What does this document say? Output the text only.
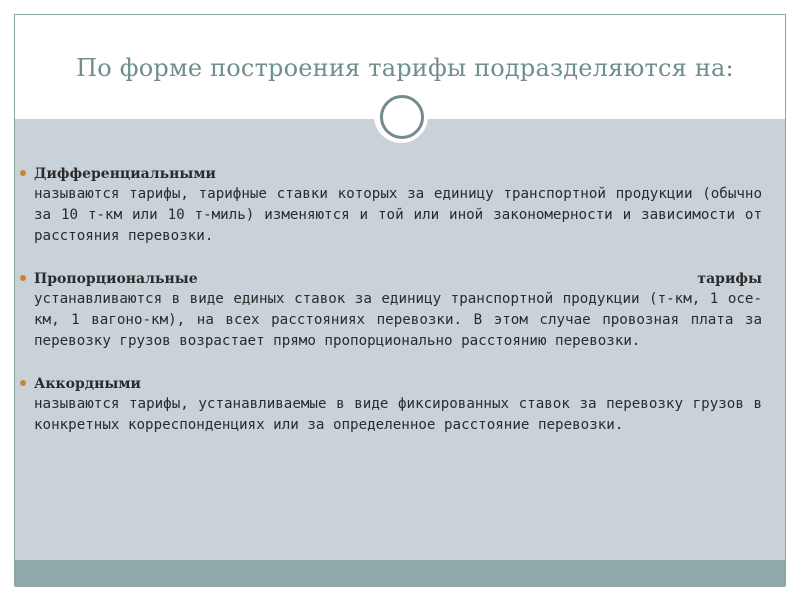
По форме построения тарифы подразделяются на:
Дифференциальными

называются тарифы, тарифные ставки которых за единицу транспортной продукции (обычно за 10 т-км или 10 т-миль) изменяются и той или иной закономерности и зависимости от расстояния перевозки.

Пропорциональные	тарифы

устанавливаются в виде единых ставок за единицу транспортной продукции (т-км, 1 осе-км, 1 вагоно-км), на всех расстояниях перевозки. В этом случае провозная плата за перевозку грузов возрастает прямо пропорционально расстоянию перевозки.

Аккордными

называются тарифы, устанавливаемые в виде фиксированных ставок за перевозку грузов в конкретных корреспонденциях или за определенное расстояние перевозки.
